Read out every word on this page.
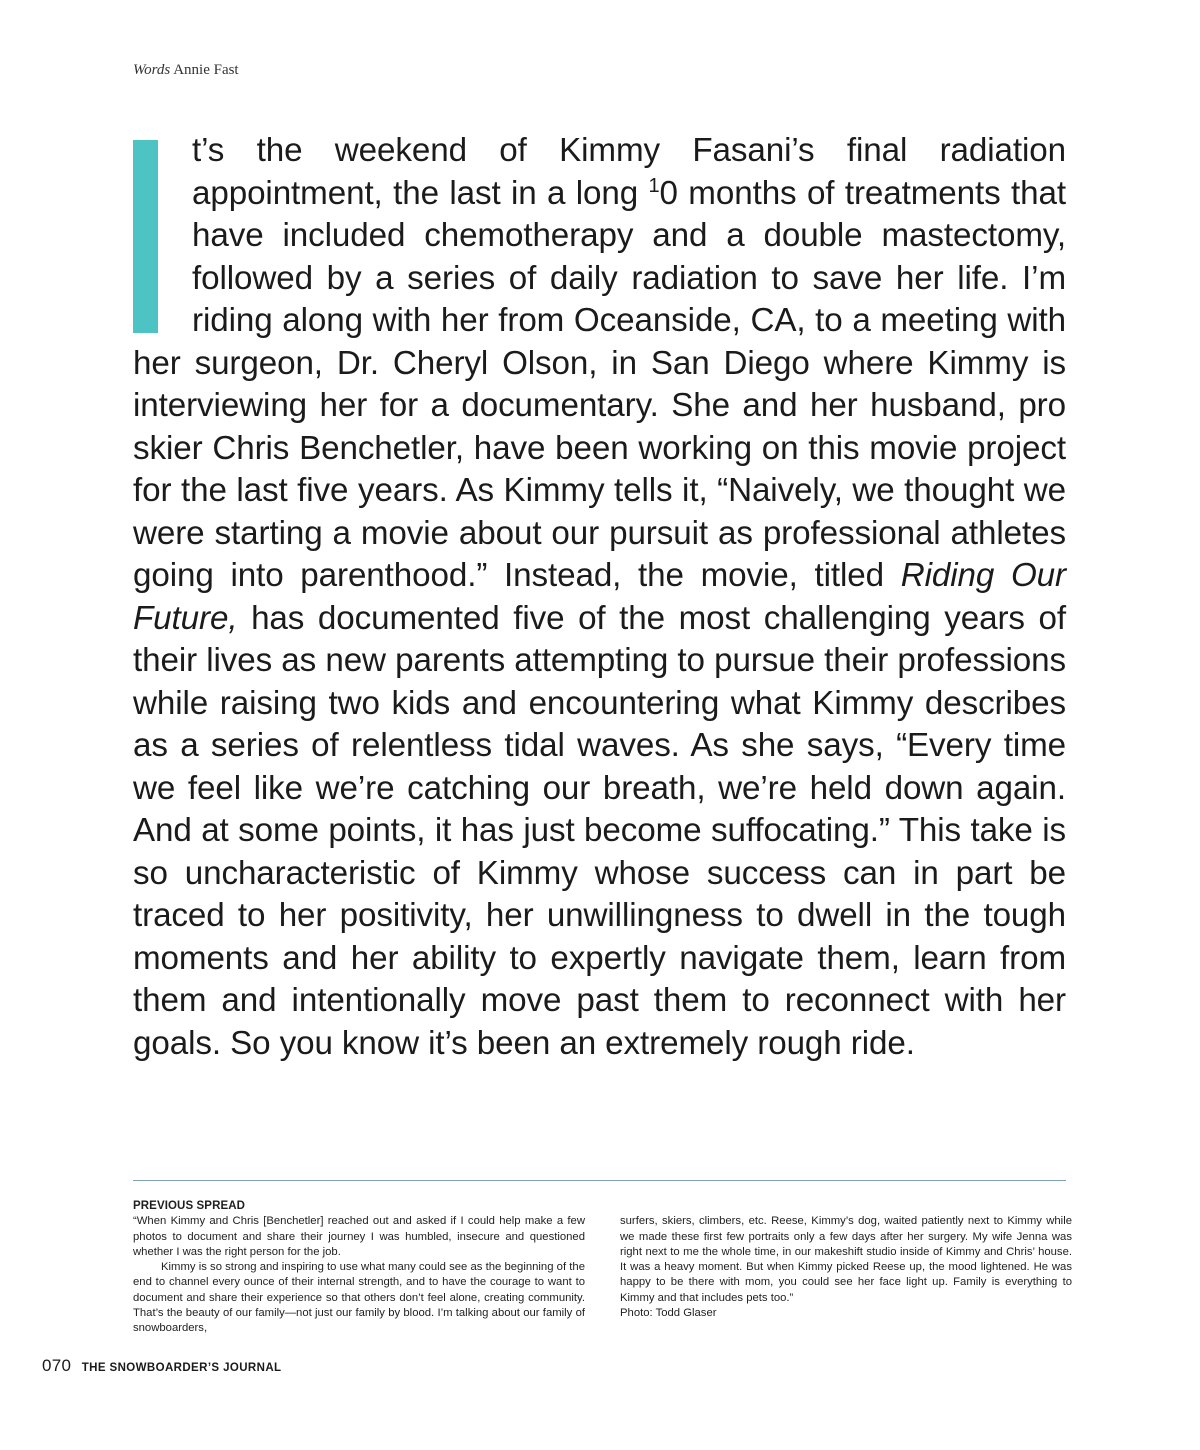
Words Annie Fast
t’s the weekend of Kimmy Fasani’s final radiation appointment, the last in a long $^1$0 months of treatments that have included chemotherapy and a double mastectomy, followed by a series of daily radiation to save her life. I’m riding along with her from Oceanside, CA, to a meeting with her surgeon, Dr. Cheryl Olson, in San Diego where Kimmy is interviewing her for a documentary. She and her husband, pro skier Chris Benchetler, have been working on this movie project for the last five years. As Kimmy tells it, “Naively, we thought we were starting a movie about our pursuit as professional athletes going into parenthood.” Instead, the movie, titled Riding Our Future, has documented five of the most challenging years of their lives as new parents attempting to pursue their professions while raising two kids and encountering what Kimmy describes as a series of relentless tidal waves. As she says, “Every time we feel like we’re catching our breath, we’re held down again. And at some points, it has just become suffocating.” This take is so uncharacteristic of Kimmy whose success can in part be traced to her positivity, her unwillingness to dwell in the tough moments and her ability to expertly navigate them, learn from them and intentionally move past them to reconnect with her goals. So you know it’s been an extremely rough ride.
PREVIOUS SPREAD

“When Kimmy and Chris [Benchetler] reached out and asked if I could help make a few photos to document and share their journey I was humbled, insecure and questioned whether I was the right person for the job.

Kimmy is so strong and inspiring to use what many could see as the beginning of the end to channel every ounce of their internal strength, and to have the courage to want to document and share their experience so that others don’t feel alone, creating community. That’s the beauty of our family—not just our family by blood. I’m talking about our family of snowboarders,

surfers, skiers, climbers, etc. Reese, Kimmy’s dog, waited patiently next to Kimmy while we made these first few portraits only a few days after her surgery. My wife Jenna was right next to me the whole time, in our makeshift studio inside of Kimmy and Chris’ house. It was a heavy moment. But when Kimmy picked Reese up, the mood lightened. He was happy to be there with mom, you could see her face light up. Family is everything to Kimmy and that includes pets too.”

Photo: Todd Glaser
070 THE SNOWBOARDER’S JOURNAL
